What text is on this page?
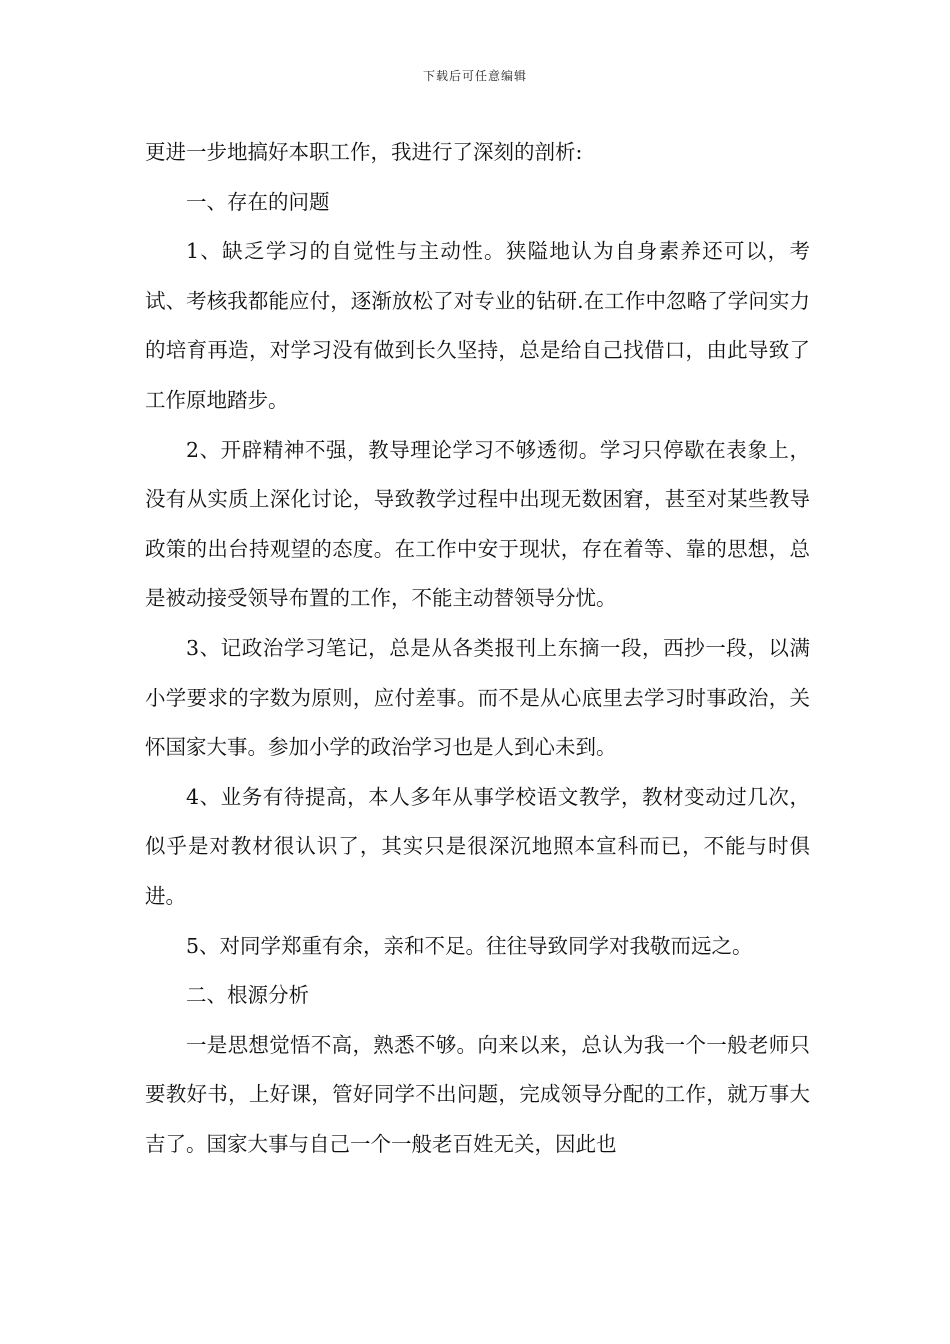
下载后可任意编辑

更进一步地搞好本职工作，我进行了深刻的剖析:

一、存在的问题

1、缺乏学习的自觉性与主动性。狭隘地认为自身素养还可以，考试、考核我都能应付，逐渐放松了对专业的钻研.在工作中忽略了学问实力的培育再造，对学习没有做到长久坚持，总是给自己找借口，由此导致了工作原地踏步。

2、开辟精神不强，教导理论学习不够透彻。学习只停歇在表象上，没有从实质上深化讨论，导致教学过程中出现无数困窘，甚至对某些教导政策的出台持观望的态度。在工作中安于现状，存在着等、靠的思想，总是被动接受领导布置的工作，不能主动替领导分忧。

3、记政治学习笔记，总是从各类报刊上东摘一段，西抄一段，以满小学要求的字数为原则，应付差事。而不是从心底里去学习时事政治，关怀国家大事。参加小学的政治学习也是人到心未到。

4、业务有待提高，本人多年从事学校语文教学，教材变动过几次，似乎是对教材很认识了，其实只是很深沉地照本宣科而已，不能与时俱进。

5、对同学郑重有余，亲和不足。往往导致同学对我敬而远之。

二、根源分析

一是思想觉悟不高，熟悉不够。向来以来，总认为我一个一般老师只要教好书，上好课，管好同学不出问题，完成领导分配的工作，就万事大吉了。国家大事与自己一个一般老百姓无关，因此也
